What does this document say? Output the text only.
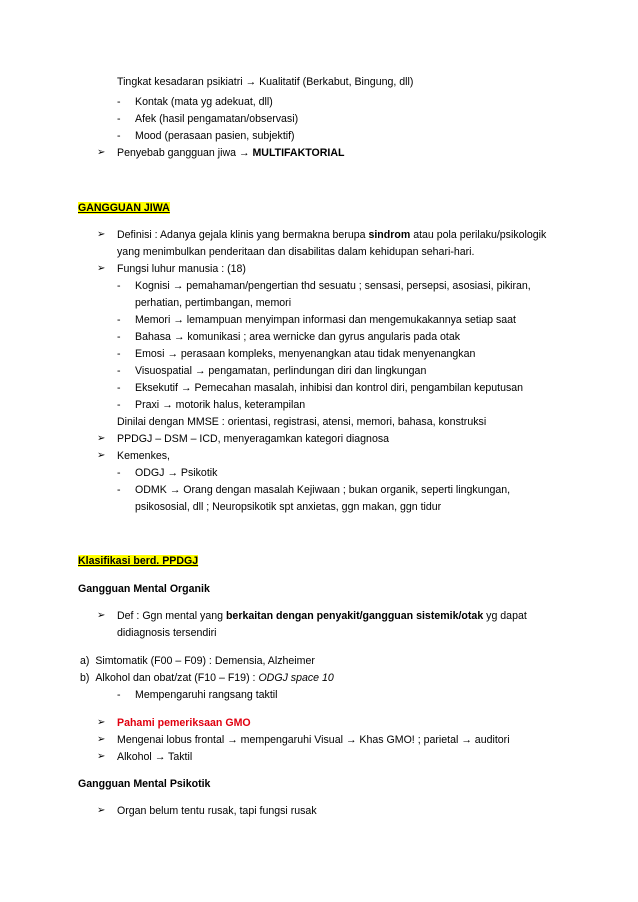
Tingkat kesadaran psikiatri → Kualitatif (Berkabut, Bingung, dll)
- Kontak (mata yg adekuat, dll)
- Afek (hasil pengamatan/observasi)
- Mood (perasaan pasien, subjektif)
➢ Penyebab gangguan jiwa → MULTIFAKTORIAL
GANGGUAN JIWA
➢ Definisi : Adanya gejala klinis yang bermakna berupa sindrom atau pola perilaku/psikologik
yang menimbulkan penderitaan dan disabilitas dalam kehidupan sehari-hari.
➢ Fungsi luhur manusia : (18)
- Kognisi → pemahaman/pengertian thd sesuatu ; sensasi, persepsi, asosiasi, pikiran,
perhatian, pertimbangan, memori
- Memori → lemampuan menyimpan informasi dan mengemukakannya setiap saat
- Bahasa → komunikasi ; area wernicke dan gyrus angularis pada otak
- Emosi → perasaan kompleks, menyenangkan atau tidak menyenangkan
- Visuospatial → pengamatan, perlindungan diri dan lingkungan
- Eksekutif → Pemecahan masalah, inhibisi dan kontrol diri, pengambilan keputusan
- Praxi → motorik halus, keterampilan
Dinilai dengan MMSE : orientasi, registrasi, atensi, memori, bahasa, konstruksi
➢ PPDGJ – DSM – ICD, menyeragamkan kategori diagnosa
➢ Kemenkes,
- ODGJ → Psikotik
- ODMK → Orang dengan masalah Kejiwaan ; bukan organik, seperti lingkungan,
psikososial, dll ; Neuropsikotik spt anxietas, ggn makan, ggn tidur
Klasifikasi berd. PPDGJ
Gangguan Mental Organik
➢ Def : Ggn mental yang berkaitan dengan penyakit/gangguan sistemik/otak yg dapat
didiagnosis tersendiri
a) Simtomatik (F00 – F09) : Demensia, Alzheimer
b) Alkohol dan obat/zat (F10 – F19) : ODGJ space 10
- Mempengaruhi rangsang taktil
➢ Pahami pemeriksaan GMO
➢ Mengenai lobus frontal → mempengaruhi Visual → Khas GMO! ; parietal → auditori
➢ Alkohol → Taktil
Gangguan Mental Psikotik
➢ Organ belum tentu rusak, tapi fungsi rusak
